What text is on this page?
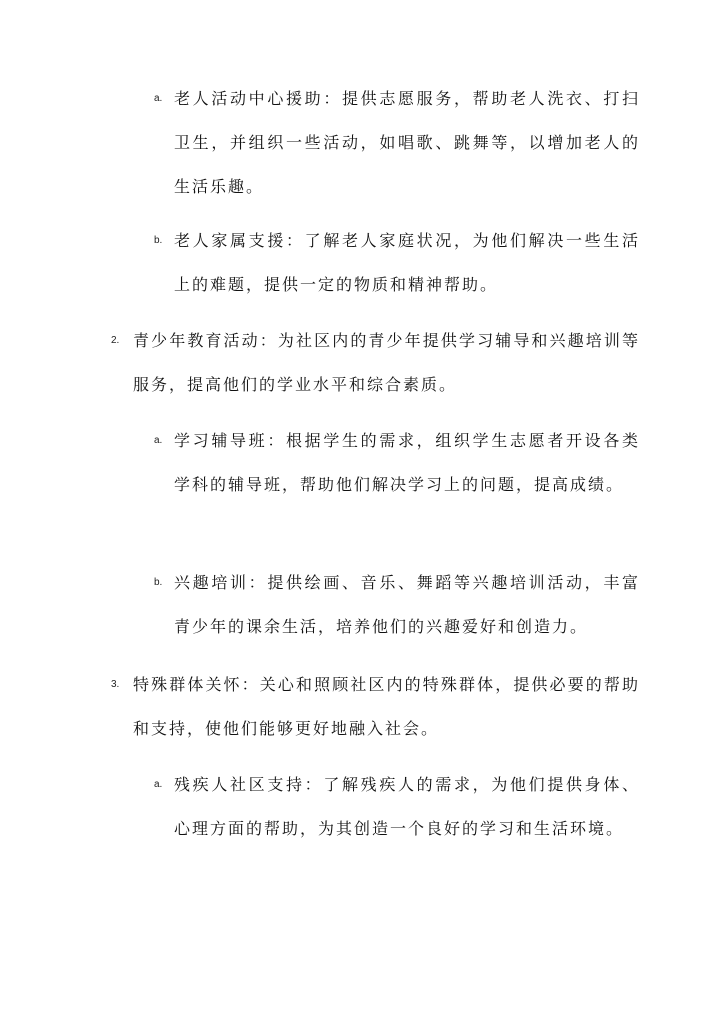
a. 老人活动中心援助：提供志愿服务，帮助老人洗衣、打扫卫生，并组织一些活动，如唱歌、跳舞等，以增加老人的生活乐趣。
b. 老人家属支援：了解老人家庭状况，为他们解决一些生活上的难题，提供一定的物质和精神帮助。
2. 青少年教育活动：为社区内的青少年提供学习辅导和兴趣培训等服务，提高他们的学业水平和综合素质。
a. 学习辅导班：根据学生的需求，组织学生志愿者开设各类学科的辅导班，帮助他们解决学习上的问题，提高成绩。
b. 兴趣培训：提供绘画、音乐、舞蹈等兴趣培训活动，丰富青少年的课余生活，培养他们的兴趣爱好和创造力。
3. 特殊群体关怀：关心和照顾社区内的特殊群体，提供必要的帮助和支持，使他们能够更好地融入社会。
a. 残疾人社区支持：了解残疾人的需求，为他们提供身体、心理方面的帮助，为其创造一个良好的学习和生活环境。
